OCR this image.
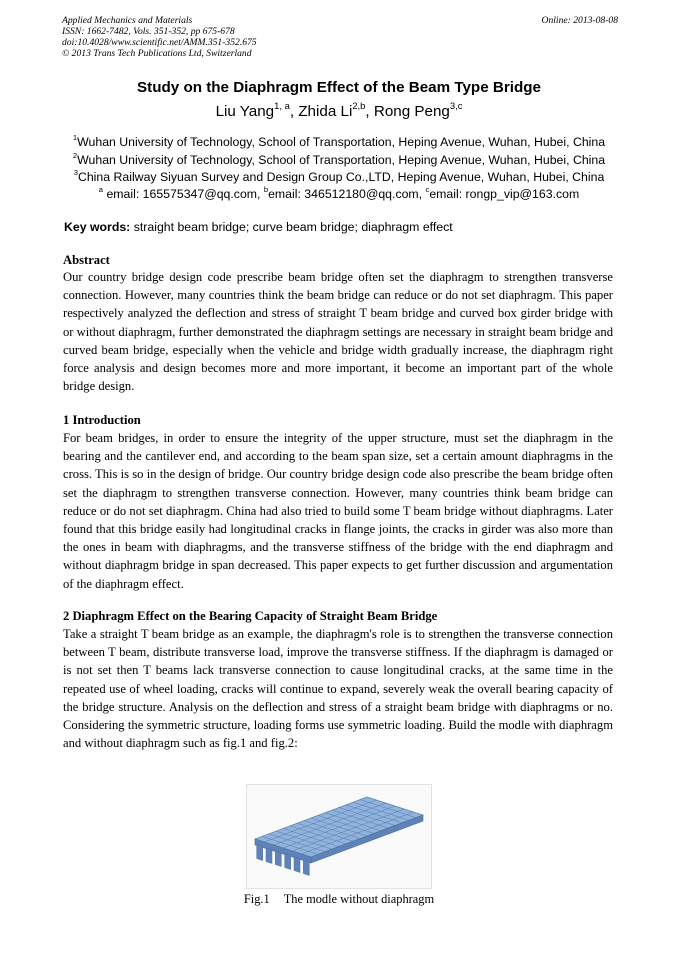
Applied Mechanics and Materials
ISSN: 1662-7482, Vols. 351-352, pp 675-678
doi:10.4028/www.scientific.net/AMM.351-352.675
© 2013 Trans Tech Publications Ltd, Switzerland
Online: 2013-08-08
Study on the Diaphragm Effect of the Beam Type Bridge
Liu Yang$^{1, a}$, Zhida Li$^{2,b}$, Rong Peng$^{3,c}$
$^1$Wuhan University of Technology, School of Transportation, Heping Avenue, Wuhan, Hubei, China
$^2$Wuhan University of Technology, School of Transportation, Heping Avenue, Wuhan, Hubei, China
$^3$China Railway Siyuan Survey and Design Group Co.,LTD, Heping Avenue, Wuhan, Hubei, China
$^a$ email: 165575347@qq.com, $^b$email: 346512180@qq.com, $^c$email: rongp_vip@163.com
Key words: straight beam bridge; curve beam bridge; diaphragm effect
Abstract
Our country bridge design code prescribe beam bridge often set the diaphragm to strengthen transverse connection. However, many countries think the beam bridge can reduce or do not set diaphragm. This paper respectively analyzed the deflection and stress of straight T beam bridge and curved box girder bridge with or without diaphragm, further demonstrated the diaphragm settings are necessary in straight beam bridge and curved beam bridge, especially when the vehicle and bridge width gradually increase, the diaphragm right force analysis and design becomes more and more important, it become an important part of the whole bridge design.
1 Introduction
For beam bridges, in order to ensure the integrity of the upper structure, must set the diaphragm in the bearing and the cantilever end, and according to the beam span size, set a certain amount diaphragms in the cross. This is so in the design of bridge. Our country bridge design code also prescribe the beam bridge often set the diaphragm to strengthen transverse connection. However, many countries think beam bridge can reduce or do not set diaphragm. China had also tried to build some T beam bridge without diaphragms. Later found that this bridge easily had longitudinal cracks in flange joints, the cracks in girder was also more than the ones in beam with diaphragms, and the transverse stiffness of the bridge with the end diaphragm and without diaphragm bridge in span decreased. This paper expects to get further discussion and argumentation of the diaphragm effect.
2 Diaphragm Effect on the Bearing Capacity of Straight Beam Bridge
Take a straight T beam bridge as an example, the diaphragm's role is to strengthen the transverse connection between T beam, distribute transverse load, improve the transverse stiffness. If the diaphragm is damaged or is not set then T beams lack transverse connection to cause longitudinal cracks, at the same time in the repeated use of wheel loading, cracks will continue to expand, severely weak the overall bearing capacity of the bridge structure. Analysis on the deflection and stress of a straight beam bridge with diaphragms or no. Considering the symmetric structure, loading forms use symmetric loading. Build the modle with diaphragm and without diaphragm such as fig.1 and fig.2:
Fig.1 The modle without diaphragm
